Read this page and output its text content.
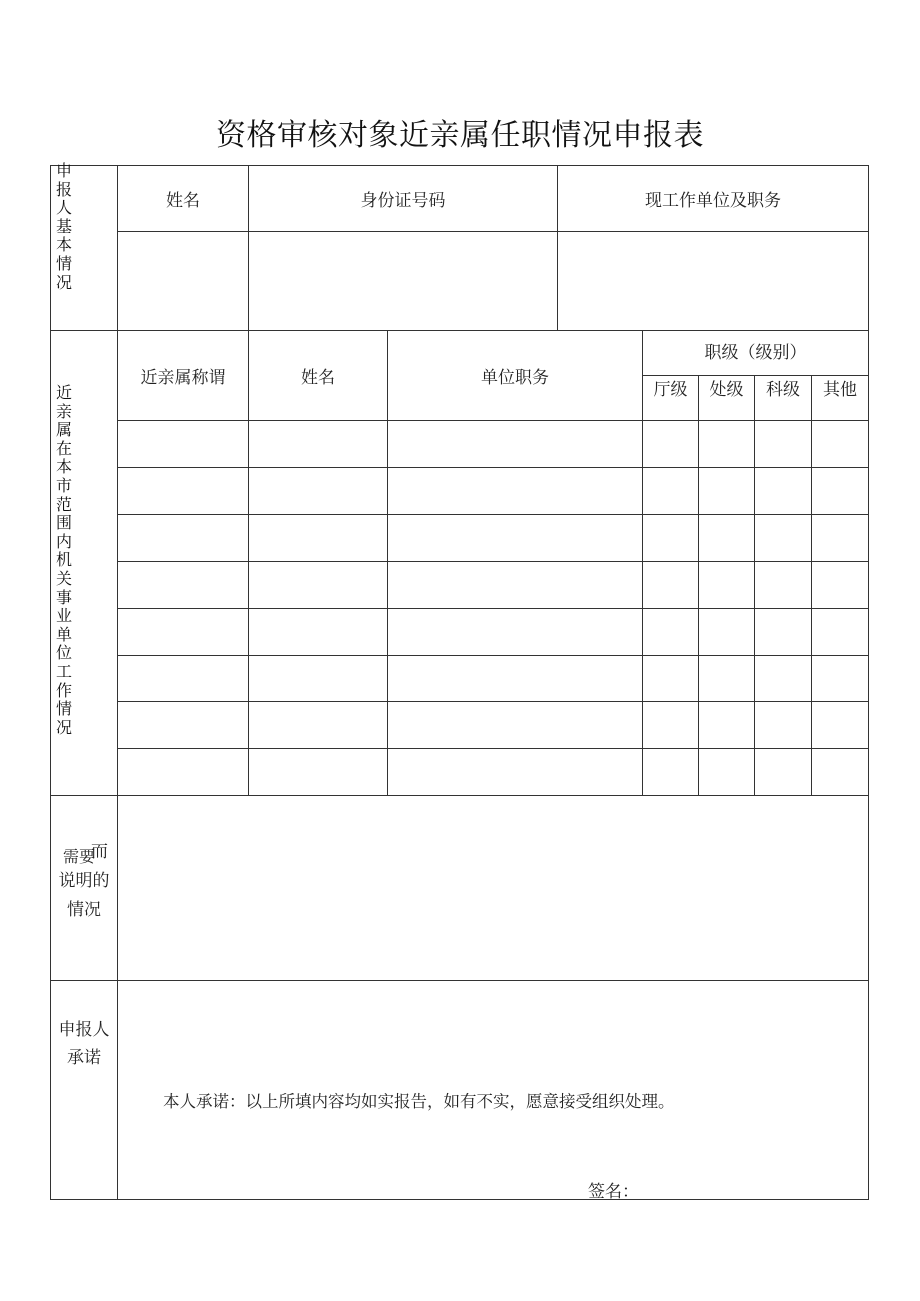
资格审核对象近亲属任职情况申报表
申
报
人
基
本
情
况
姓名	身份证号码	现工作单位及职务
近
亲
属
在
本
市
范
围
内
机
关
事
业
单
位
工
作
情
况
近亲属称谓	姓名	单位职务
职级（级别）
厅级	处级	科级	其他
需要
而
说明的
情况
申报人
承诺
本人承诺：以上所填内容均如实报告，如有不实，愿意接受组织处理。
签名：
